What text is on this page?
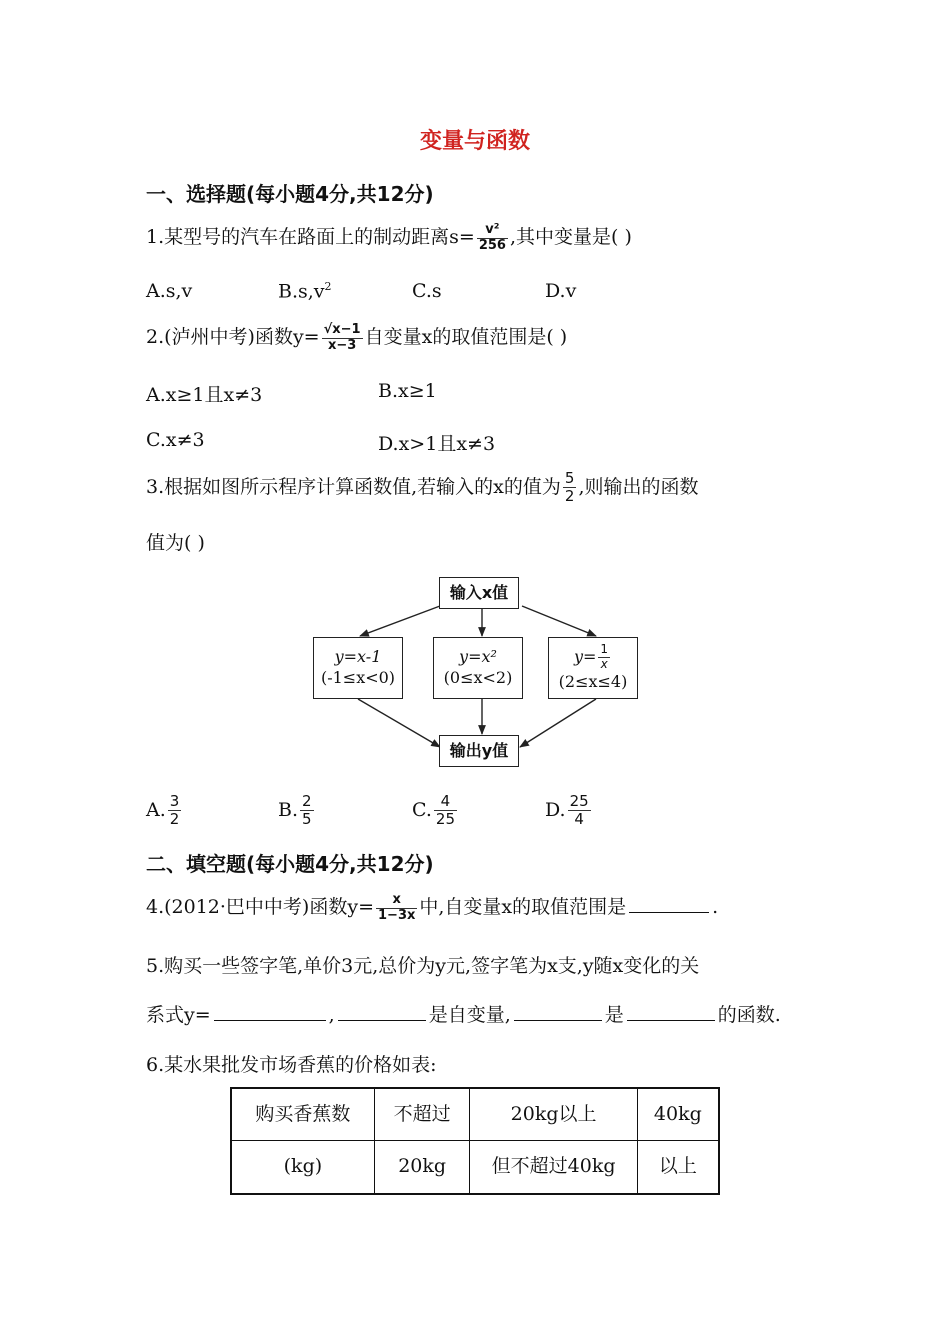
变量与函数
一、选择题(每小题4分,共12分)
1.某型号的汽车在路面上的制动距离$s= \frac{\text{v²}}{256}$ ,其中变量是( )
A.s,v	$B.s,v^2$	C.s	D.v
2.(泸州中考)函数$y= \frac{√x-1}{x-3}$ 自变量x的取值范围是( )
A.x≥1且x≠3	B.x≥1
C.x≠3	D.x>1且x≠3
3.根据如图所示程序计算函数值,若输入的x的值为 $\frac{5}{2}$ ,则输出的函数
值为( )
输入x值
y=x-1
(-1≤x<0)
y=x²
(0≤x<2)
$y= \frac{1}{x}$
(2≤x≤4)
输出y值
A. $\frac{3}{2}$	B. $\frac{2}{5}$	C. $\frac{4}{25}$	D. $\frac{25}{4}$
二、填空题(每小题4分,共12分)
4.(2012·巴中中考)函数$y= \frac{x}{1-3x}$ 中,自变量x的取值范围是	.
5.购买一些签字笔,单价3元,总价为y元,签字笔为x支,y随x变化的关
系式y=	,	是自变量,	是	的函数.
6.某水果批发市场香蕉的价格如表:
购买香蕉数	不超过	20kg以上	40kg
(kg)	20kg	但不超过40kg	以上
